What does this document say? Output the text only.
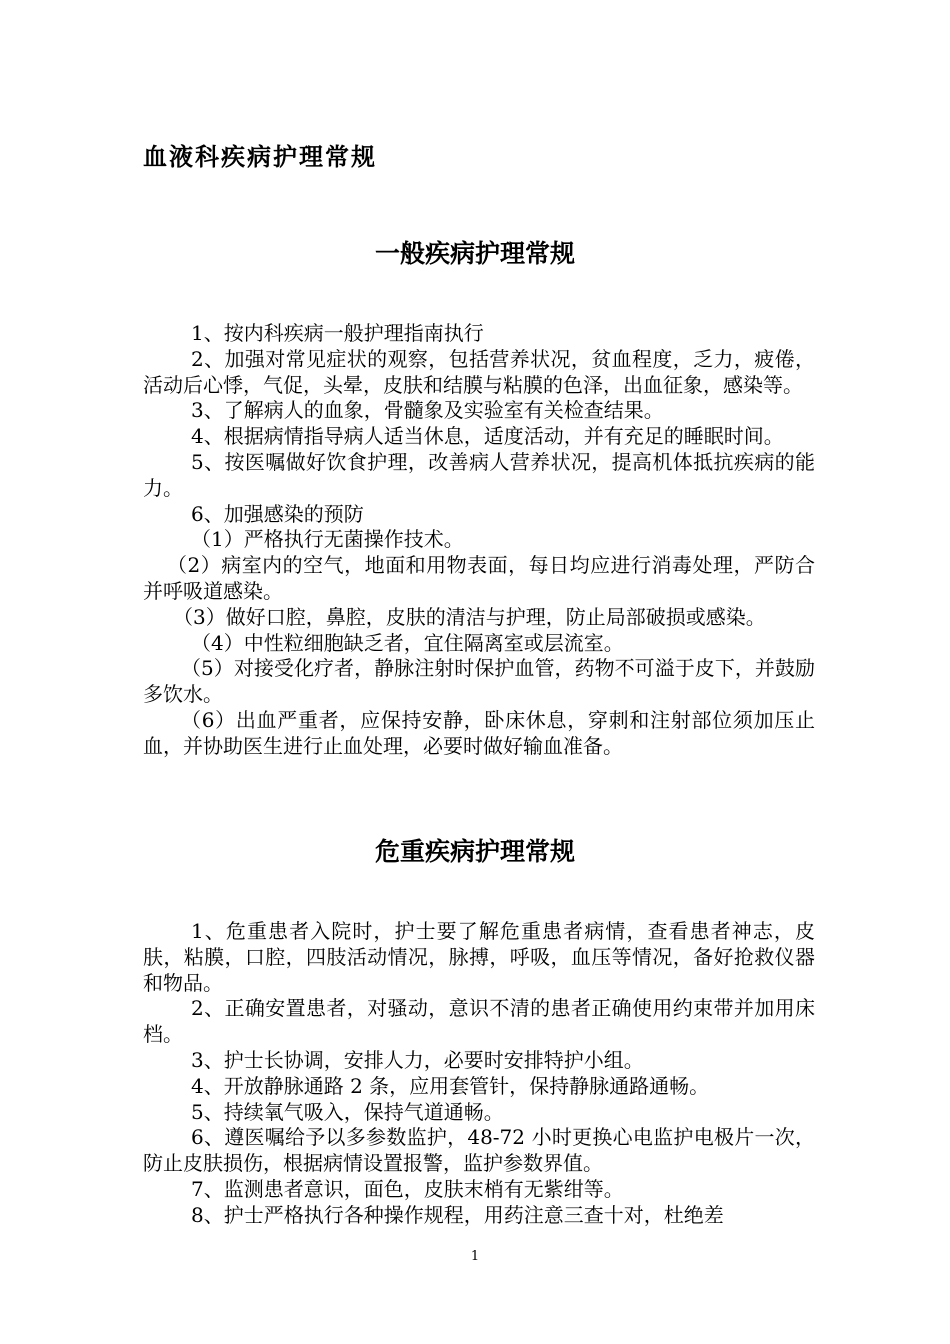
血液科疾病护理常规
一般疾病护理常规

1、按内科疾病一般护理指南执行

2、加强对常见症状的观察，包括营养状况，贫血程度，乏力，疲倦，活动后心悸，气促，头晕，皮肤和结膜与粘膜的色泽，出血征象，感染等。

3、了解病人的血象，骨髓象及实验室有关检查结果。

4、根据病情指导病人适当休息，适度活动，并有充足的睡眠时间。

5、按医嘱做好饮食护理，改善病人营养状况，提高机体抵抗疾病的能力。

6、加强感染的预防

（1）严格执行无菌操作技术。

（2）病室内的空气，地面和用物表面，每日均应进行消毒处理，严防合并呼吸道感染。

（3）做好口腔，鼻腔，皮肤的清洁与护理，防止局部破损或感染。

（4）中性粒细胞缺乏者，宜住隔离室或层流室。

（5）对接受化疗者，静脉注射时保护血管，药物不可溢于皮下，并鼓励多饮水。

（6）出血严重者，应保持安静，卧床休息，穿刺和注射部位须加压止血，并协助医生进行止血处理，必要时做好输血准备。

危重疾病护理常规

1、危重患者入院时，护士要了解危重患者病情，查看患者神志，皮肤，粘膜，口腔，四肢活动情况，脉搏，呼吸，血压等情况，备好抢救仪器和物品。

2、正确安置患者，对骚动，意识不清的患者正确使用约束带并加用床档。

3、护士长协调，安排人力，必要时安排特护小组。

4、开放静脉通路 2 条，应用套管针，保持静脉通路通畅。

5、持续氧气吸入，保持气道通畅。

6、遵医嘱给予以多参数监护，48-72 小时更换心电监护电极片一次，防止皮肤损伤，根据病情设置报警，监护参数界值。

7、监测患者意识，面色，皮肤末梢有无紫绀等。

8、护士严格执行各种操作规程，用药注意三查十对，杜绝差

1
